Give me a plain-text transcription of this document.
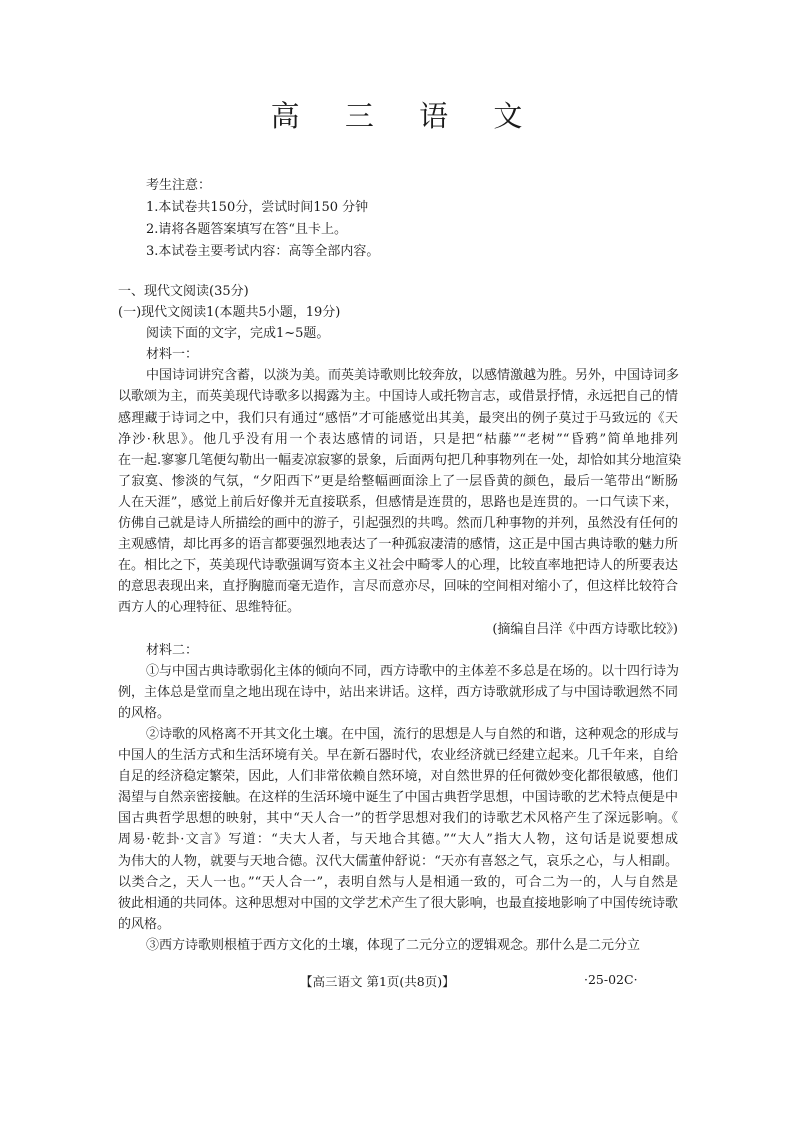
高 三 语 文
考生注意：
1.本试卷共150分，尝试时间150 分钟
2.请将各题答案填写在答“且卡上。
3.本试卷主要考试内容：高等全部内容。
一、现代文阅读(35分)
(一)现代文阅读1(本题共5小题，19分)
阅读下面的文字，完成1~5题。
材料一：
中国诗词讲究含蓄，以淡为美。而英美诗歌则比较奔放，以感情激越为胜。另外，中国诗词多
以歌颂为主，而英美现代诗歌多以揭露为主。中国诗人或托物言志，或借景抒情，永远把自己的情
感理藏于诗词之中，我们只有通过“感悟”才可能感觉出其美，最突出的例子莫过于马致远的《天
净沙·秋思》。他几乎没有用一个表达感情的词语，只是把“枯藤”“老树”“昏鸦”简单地排列
在一起.寥寥几笔便勾勒出一幅麦凉寂寥的景象，后面两句把几种事物列在一处，却恰如其分地渲染
了寂寞、惨淡的气氛，“夕阳西下”更是给整幅画面涂上了一层昏黄的颜色，最后一笔带出“断肠
人在天涯”，感觉上前后好像并无直接联系，但感情是连贯的，思路也是连贯的。一口气读下来，
仿佛自己就是诗人所描绘的画中的游子，引起强烈的共鸣。然而几种事物的并列，虽然没有任何的
主观感情，却比再多的语言都要强烈地表达了一种孤寂凄清的感情，这正是中国古典诗歌的魅力所
在。相比之下，英美现代诗歌强调写资本主义社会中畸零人的心理，比较直率地把诗人的所要表达
的意思表现出来，直抒胸臆而毫无造作，言尽而意亦尽，回味的空间相对缩小了，但这样比较符合
西方人的心理特征、思维特征。
(摘编自吕洋《中西方诗歌比较》)
材料二：
①与中国古典诗歌弱化主体的倾向不同，西方诗歌中的主体差不多总是在场的。以十四行诗为
例，主体总是堂而皇之地出现在诗中，站出来讲话。这样，西方诗歌就形成了与中国诗歌迥然不同
的风格。
②诗歌的风格离不开其文化土壤。在中国，流行的思想是人与自然的和谐，这种观念的形成与
中国人的生活方式和生活环境有关。早在新石器时代，农业经济就已经建立起来。几千年来，自给
自足的经济稳定繁荣，因此，人们非常依赖自然环境，对自然世界的任何微妙变化都很敏感，他们
渴望与自然亲密接触。在这样的生活环境中诞生了中国古典哲学思想，中国诗歌的艺术特点便是中
国古典哲学思想的映射，其中“天人合一”的哲学思想对我们的诗歌艺术风格产生了深远影响。《
周易·乾卦·文言》写道：“夫大人者，与天地合其德。”“大人”指大人物，这句话是说要想成
为伟大的人物，就要与天地合德。汉代大儒董仲舒说：“天亦有喜怒之气，哀乐之心，与人相副。
以类合之，天人一也。”“天人合一”，表明自然与人是相通一致的，可合二为一的，人与自然是
彼此相通的共同体。这种思想对中国的文学艺术产生了很大影响，也最直接地影响了中国传统诗歌
的风格。
③西方诗歌则根植于西方文化的土壤，体现了二元分立的逻辑观念。那什么是二元分立
【高三语文 第1页(共8页)】	·25-02C·
